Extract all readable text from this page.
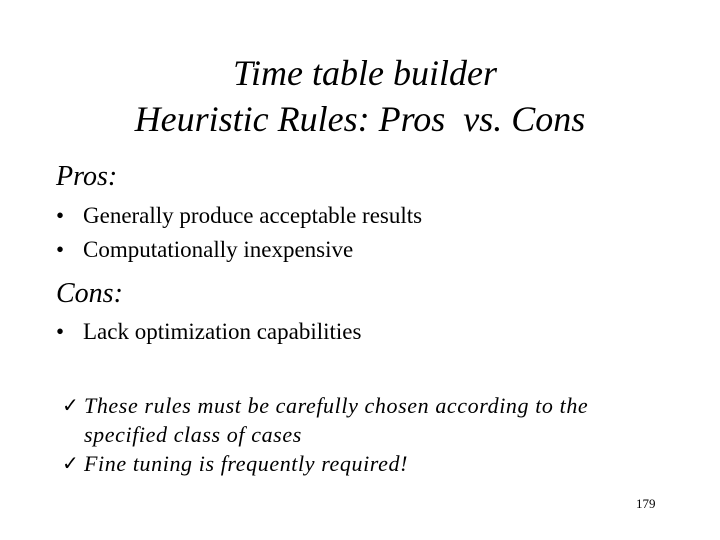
Time table builder
Heuristic Rules: Pros  vs. Cons
Pros:
• Generally produce acceptable results
• Computationally inexpensive
Cons:
• Lack optimization capabilities
✓ These rules must be carefully chosen according to the specified class of cases
✓ Fine tuning is frequently required!
179
